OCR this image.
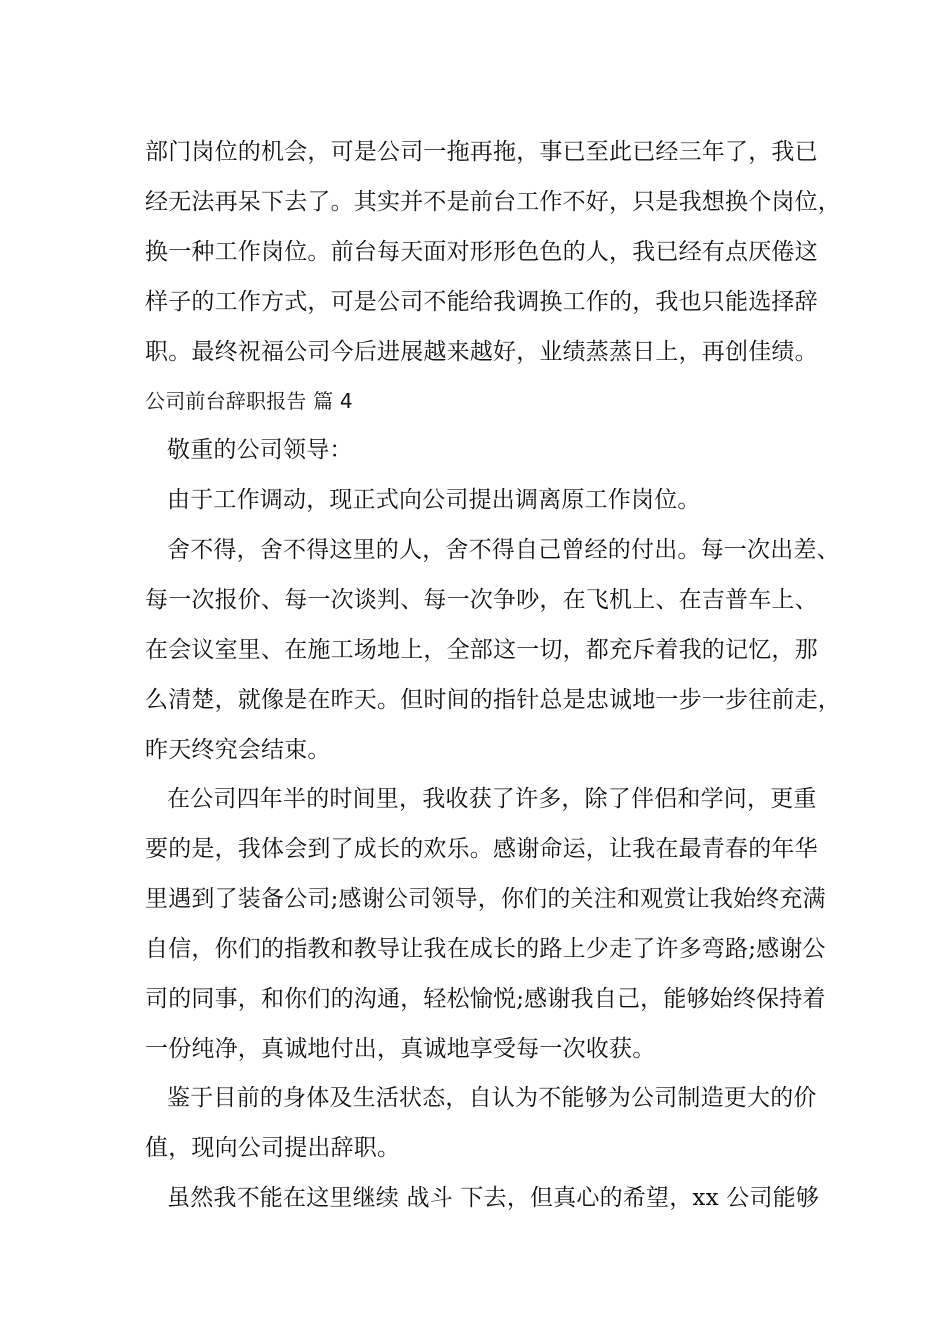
部门岗位的机会，可是公司一拖再拖，事已至此已经三年了，我已
经无法再呆下去了。其实并不是前台工作不好，只是我想换个岗位，
换一种工作岗位。前台每天面对形形色色的人，我已经有点厌倦这
样子的工作方式，可是公司不能给我调换工作的，我也只能选择辞
职。最终祝福公司今后进展越来越好，业绩蒸蒸日上，再创佳绩。
公司前台辞职报告 篇 4
敬重的公司领导：
由于工作调动，现正式向公司提出调离原工作岗位。
舍不得，舍不得这里的人，舍不得自己曾经的付出。每一次出差、
每一次报价、每一次谈判、每一次争吵，在飞机上、在吉普车上、
在会议室里、在施工场地上，全部这一切，都充斥着我的记忆，那
么清楚，就像是在昨天。但时间的指针总是忠诚地一步一步往前走，
昨天终究会结束。
在公司四年半的时间里，我收获了许多，除了伴侣和学问，更重
要的是，我体会到了成长的欢乐。感谢命运，让我在最青春的年华
里遇到了装备公司;感谢公司领导，你们的关注和观赏让我始终充满
自信，你们的指教和教导让我在成长的路上少走了许多弯路;感谢公
司的同事，和你们的沟通，轻松愉悦;感谢我自己，能够始终保持着
一份纯净，真诚地付出，真诚地享受每一次收获。
鉴于目前的身体及生活状态，自认为不能够为公司制造更大的价
值，现向公司提出辞职。
虽然我不能在这里继续 战斗 下去，但真心的希望，xx 公司能够
